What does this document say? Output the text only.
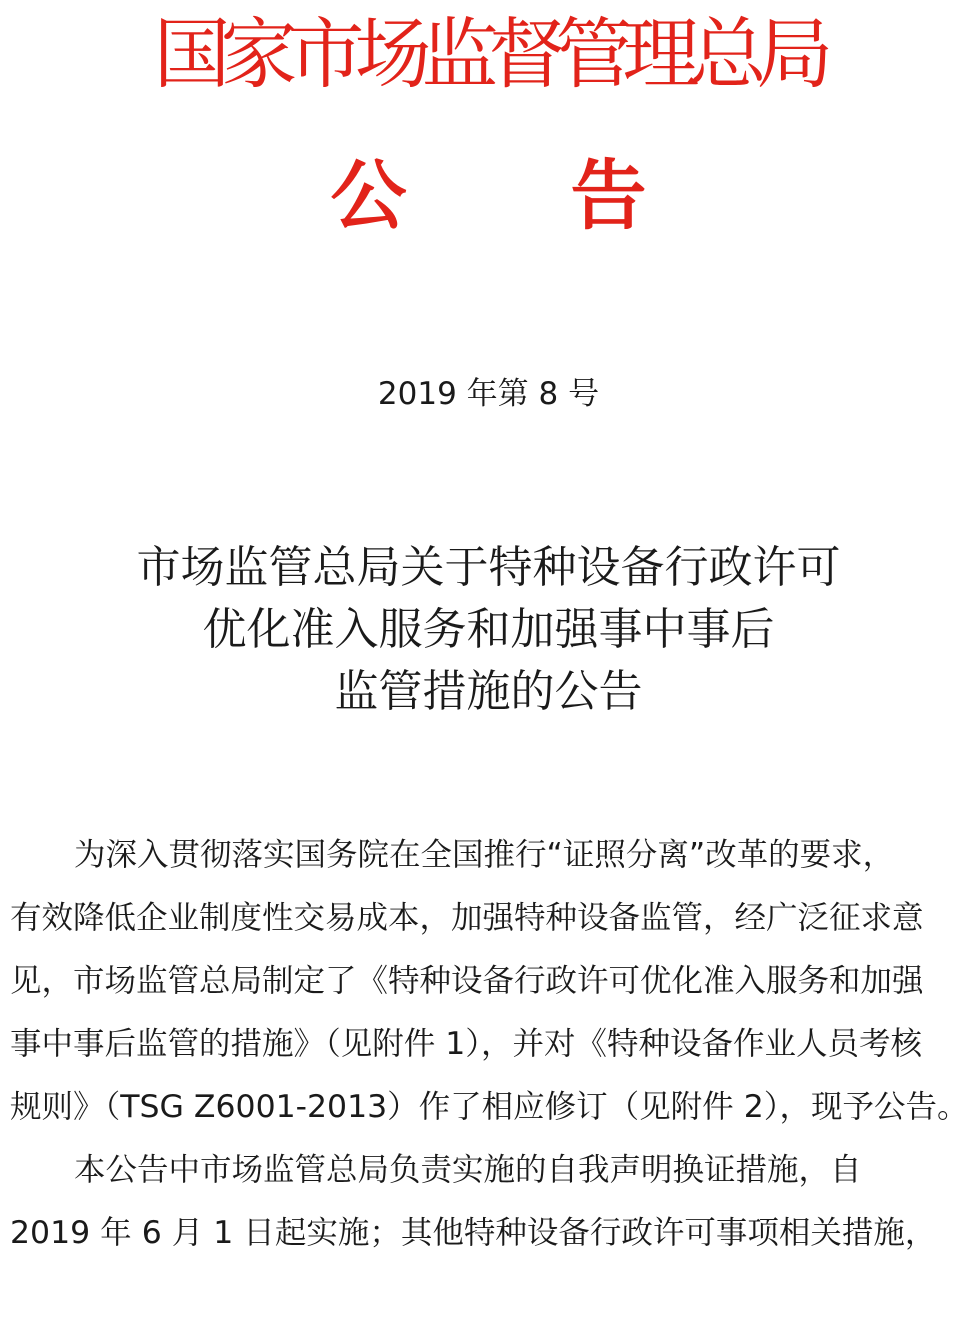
国家市场监督管理总局
公 告
2019 年第 8 号
市场监管总局关于特种设备行政许可
优化准入服务和加强事中事后
监管措施的公告
为深入贯彻落实国务院在全国推行“证照分离”改革的要求，
有效降低企业制度性交易成本，加强特种设备监管，经广泛征求意
见，市场监管总局制定了《特种设备行政许可优化准入服务和加强
事中事后监管的措施》（见附件 1），并对《特种设备作业人员考核
规则》（TSG Z6001-2013）作了相应修订（见附件 2），现予公告。
本公告中市场监管总局负责实施的自我声明换证措施，自
2019 年 6 月 1 日起实施；其他特种设备行政许可事项相关措施，
